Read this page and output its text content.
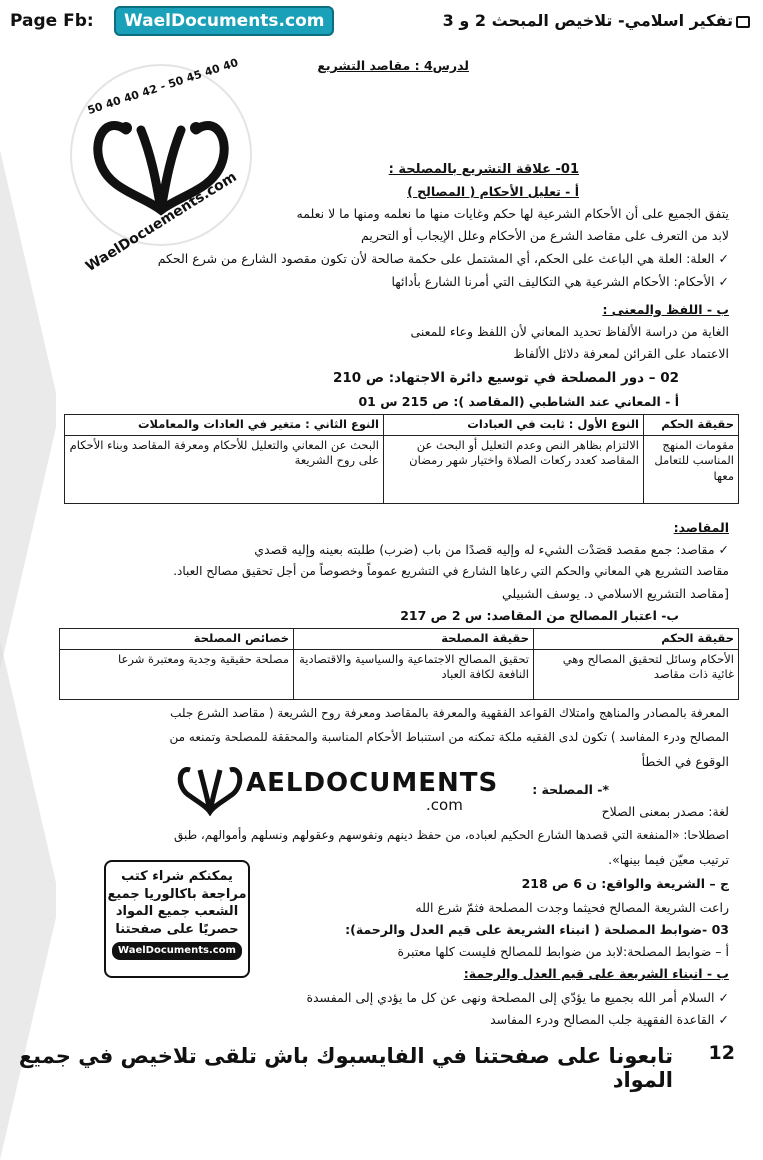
Page Fb:	WaelDocuments.com	تفكير اسلامي- تلاخيص المبحث 2 و 3
50 40 40 42 - 50 45 40 40
WaelDocuements.com
لدرس4 : مقاصد التشريع
01- علاقة التشريع بالمصلحة :
أ - تعليل الأحكام ( المصالح )
يتفق الجميع على أن الأحكام الشرعية لها حكم وغايات منها ما نعلمه ومنها ما لا نعلمه
لابد من التعرف على مقاصد الشرع من الأحكام وعلل الإيجاب أو التحريم
✓العلة: العلة هي الباعث على الحكم، أي المشتمل على حكمة صالحة لأن تكون مقصود الشارع من شرع الحكم
✓الأحكام: الأحكام الشرعية هي التكاليف التي أمرنا الشارع بأدائها
ب - اللفظ والمعنى :
الغاية من دراسة الألفاظ تحديد المعاني لأن اللفظ وعاء للمعنى
الاعتماد على القرائن لمعرفة دلائل الألفاظ
02 – دور المصلحة في توسيع دائرة الاجتهاد: ص 210
أ - المعاني عند الشاطبي (المقاصد ): ص 215 س 01
حقيقة الحكم	النوع الأول : ثابت في العبادات	النوع الثاني : متغير في العادات والمعاملات
مقومات المنهج المناسب للتعامل معها	الالتزام بظاهر النص وعدم التعليل أو البحث عن المقاصد كعدد ركعات الصلاة واختيار شهر رمضان	البحث عن المعاني والتعليل للأحكام ومعرفة المقاصد وبناء الأحكام على روح الشريعة
المقاصد:
✓مقاصد: جمع مقصد قصَدْت الشيء له وإليه قصدًا من باب (ضرب) طلبته بعينه وإليه قصدي
مقاصد التشريع هي المعاني والحكم التي رعاها الشارع في التشريع عموماً وخصوصاً من أجل تحقيق مصالح العباد.
[مقاصد التشريع الاسلامي د. يوسف الشبيلي
ب- اعتبار المصالح من المقاصد: س 2 ص 217
حقيقة الحكم	حقيقة المصلحة	خصائص المصلحة
الأحكام وسائل لتحقيق المصالح وهي غائية ذات مقاصد	تحقيق المصالح الاجتماعية والسياسية والاقتصادية النافعة لكافة العباد	مصلحة حقيقية وجدية ومعتبرة شرعا
المعرفة بالمصادر والمناهج وامتلاك القواعد الفقهية والمعرفة بالمقاصد ومعرفة روح الشريعة ( مقاصد الشرع جلب
المصالح ودرء المفاسد ) تكون لدى الفقيه ملكة تمكنه من استنباط الأحكام المناسبة والمحققة للمصلحة وتمنعه من
الوقوع في الخطأ
*- المصلحة :
لغة: مصدر بمعنى الصلاح
اصطلاحا: «المنفعة التي قصدها الشارع الحكيم لعباده، من حفظ دينهم ونفوسهم وعقولهم ونسلهم وأموالهم، طبق
ترتيب معيّن فيما بينها».
ج – الشريعة والواقع: ن 6 ص 218
راعت الشريعة المصالح فحيثما وجدت المصلحة فثمّ شرع الله
03 -ضوابط المصلحة ( انبناء الشريعة على قيم العدل والرحمة):
أ – ضوابط المصلحة:لابد من ضوابط للمصالح فليست كلها معتبرة
ب - انبناء الشريعة على قيم العدل والرحمة:
✓السلام أمر الله بجميع ما يؤدّي إلى المصلحة ونهى عن كل ما يؤدي إلى المفسدة
✓القاعدة الفقهية جلب المصالح ودرء المفاسد
AELDOCUMENTS
.com
يمكنكم شراء كتب
مراجعة باكالوريا جميع
الشعب جميع المواد
حصريًا على صفحتنا
WaelDocuments.com
تابعونا على صفحتنا في الفايسبوك باش تلقى تلاخيص في جميع المواد
12
